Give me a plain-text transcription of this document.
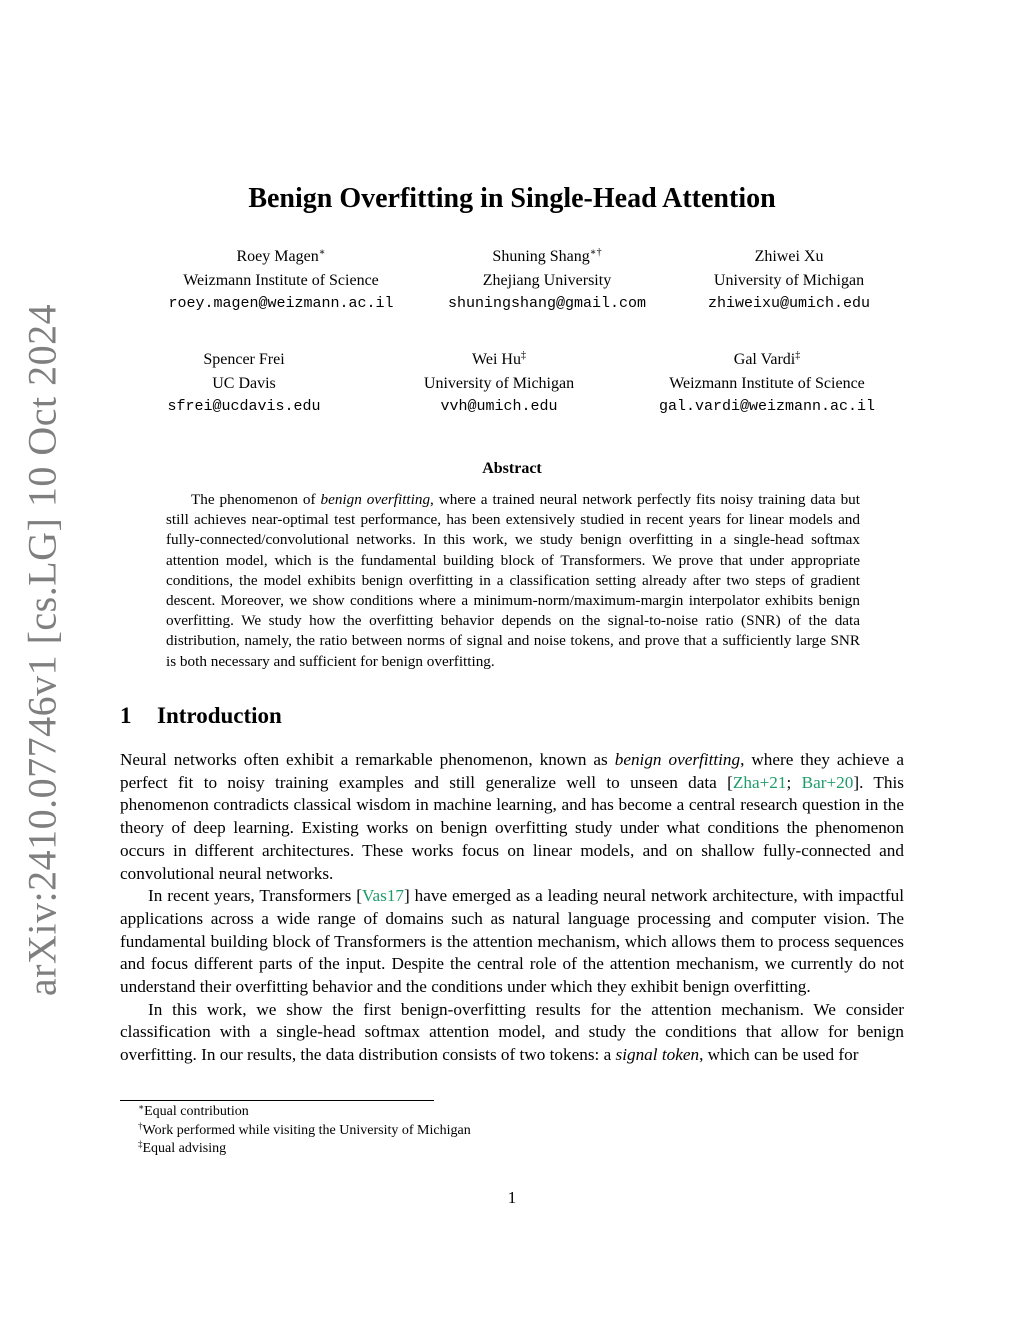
arXiv:2410.07746v1 [cs.LG] 10 Oct 2024
Benign Overfitting in Single-Head Attention
Roey Magen∗
Weizmann Institute of Science
roey.magen@weizmann.ac.il
Shuning Shang∗†
Zhejiang University
shuningshang@gmail.com
Zhiwei Xu
University of Michigan
zhiweixu@umich.edu
Spencer Frei
UC Davis
sfrei@ucdavis.edu
Wei Hu‡
University of Michigan
vvh@umich.edu
Gal Vardi‡
Weizmann Institute of Science
gal.vardi@weizmann.ac.il
Abstract
The phenomenon of benign overfitting, where a trained neural network perfectly fits noisy training data but still achieves near-optimal test performance, has been extensively studied in recent years for linear models and fully-connected/convolutional networks. In this work, we study benign overfitting in a single-head softmax attention model, which is the fundamental building block of Transformers. We prove that under appropriate conditions, the model exhibits benign overfitting in a classification setting already after two steps of gradient descent. Moreover, we show conditions where a minimum-norm/maximum-margin interpolator exhibits benign overfitting. We study how the overfitting behavior depends on the signal-to-noise ratio (SNR) of the data distribution, namely, the ratio between norms of signal and noise tokens, and prove that a sufficiently large SNR is both necessary and sufficient for benign overfitting.
1 Introduction

Neural networks often exhibit a remarkable phenomenon, known as benign overfitting, where they achieve a perfect fit to noisy training examples and still generalize well to unseen data [Zha+21; Bar+20]. This phenomenon contradicts classical wisdom in machine learning, and has become a central research question in the theory of deep learning. Existing works on benign overfitting study under what conditions the phenomenon occurs in different architectures. These works focus on linear models, and on shallow fully-connected and convolutional neural networks.

In recent years, Transformers [Vas17] have emerged as a leading neural network architecture, with impactful applications across a wide range of domains such as natural language processing and computer vision. The fundamental building block of Transformers is the attention mechanism, which allows them to process sequences and focus different parts of the input. Despite the central role of the attention mechanism, we currently do not understand their overfitting behavior and the conditions under which they exhibit benign overfitting.

In this work, we show the first benign-overfitting results for the attention mechanism. We consider classification with a single-head softmax attention model, and study the conditions that allow for benign overfitting. In our results, the data distribution consists of two tokens: a signal token, which can be used for

∗Equal contribution
†Work performed while visiting the University of Michigan
‡Equal advising
1
